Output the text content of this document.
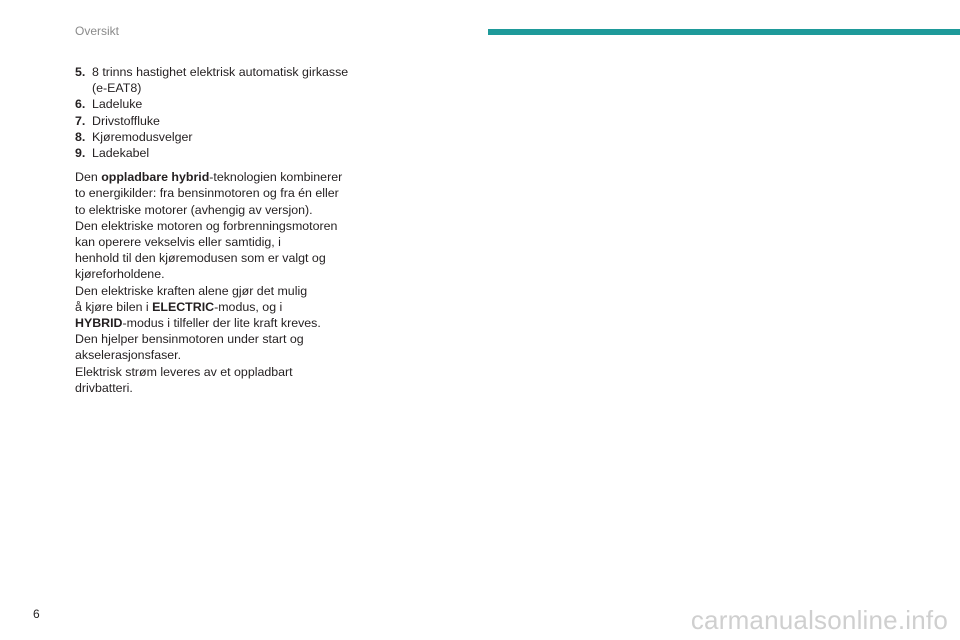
Oversikt
5. 8 trinns hastighet elektrisk automatisk girkasse (e-EAT8)
6. Ladeluke
7. Drivstoffluke
8. Kjøremodusvelger
9. Ladekabel
Den oppladbare hybrid-teknologien kombinerer
to energikilder: fra bensinmotoren og fra én eller
to elektriske motorer (avhengig av versjon).
Den elektriske motoren og forbrenningsmotoren
kan operere vekselvis eller samtidig, i
henhold til den kjøremodusen som er valgt og
kjøreforholdene.
Den elektriske kraften alene gjør det mulig
å kjøre bilen i ELECTRIC-modus, og i
HYBRID-modus i tilfeller der lite kraft kreves.
Den hjelper bensinmotoren under start og
akselerasjonsfaser.
Elektrisk strøm leveres av et oppladbart
drivbatteri.
6	carmanualsonline.info
